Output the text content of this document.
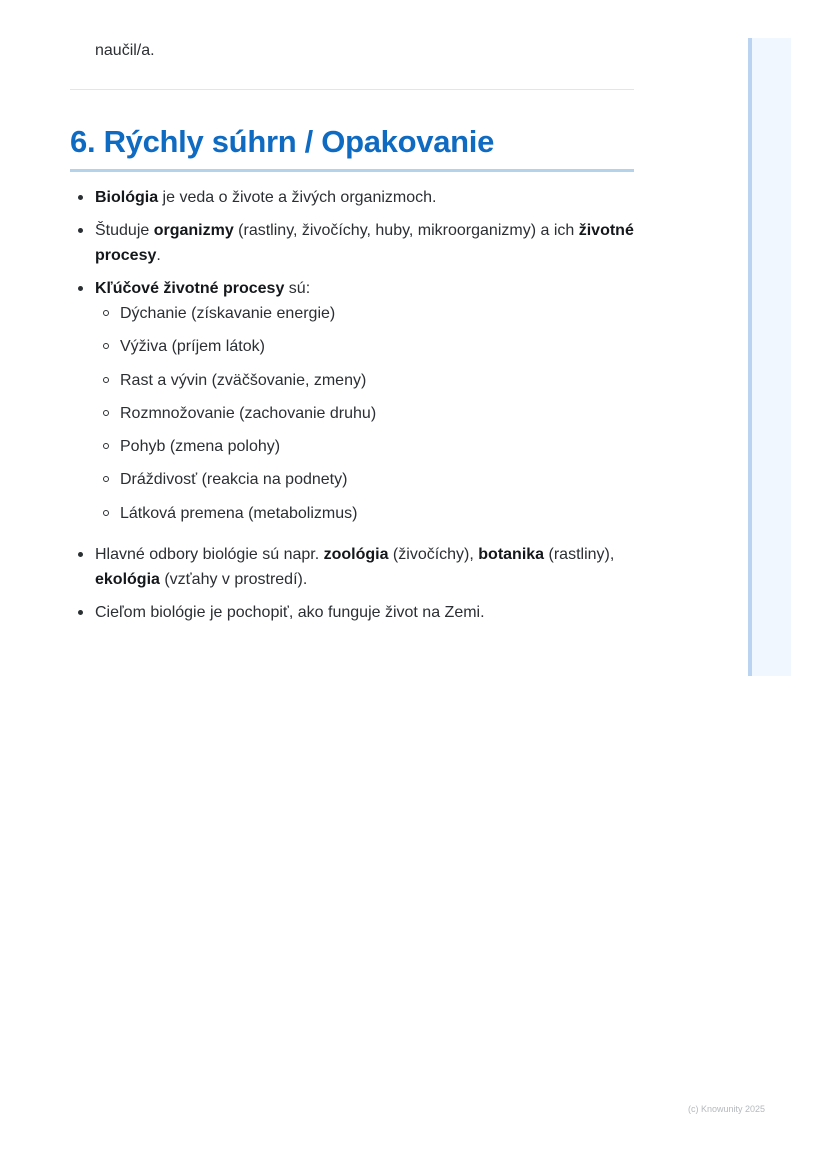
naučil/a.

6. Rýchly súhrn / Opakovanie
Biológia je veda o živote a živých organizmoch.
Študuje organizmy (rastliny, živočíchy, huby, mikroorganizmy) a ich životné procesy.
Kľúčové životné procesy sú:
Dýchanie (získavanie energie)
Výživa (príjem látok)
Rast a vývin (zväčšovanie, zmeny)
Rozmnožovanie (zachovanie druhu)
Pohyb (zmena polohy)
Dráždivosť (reakcia na podnety)
Látková premena (metabolizmus)
Hlavné odbory biológie sú napr. zoológia (živočíchy), botanika (rastliny), ekológia (vzťahy v prostredí).
Cieľom biológie je pochopiť, ako funguje život na Zemi.
(c) Knowunity 2025
